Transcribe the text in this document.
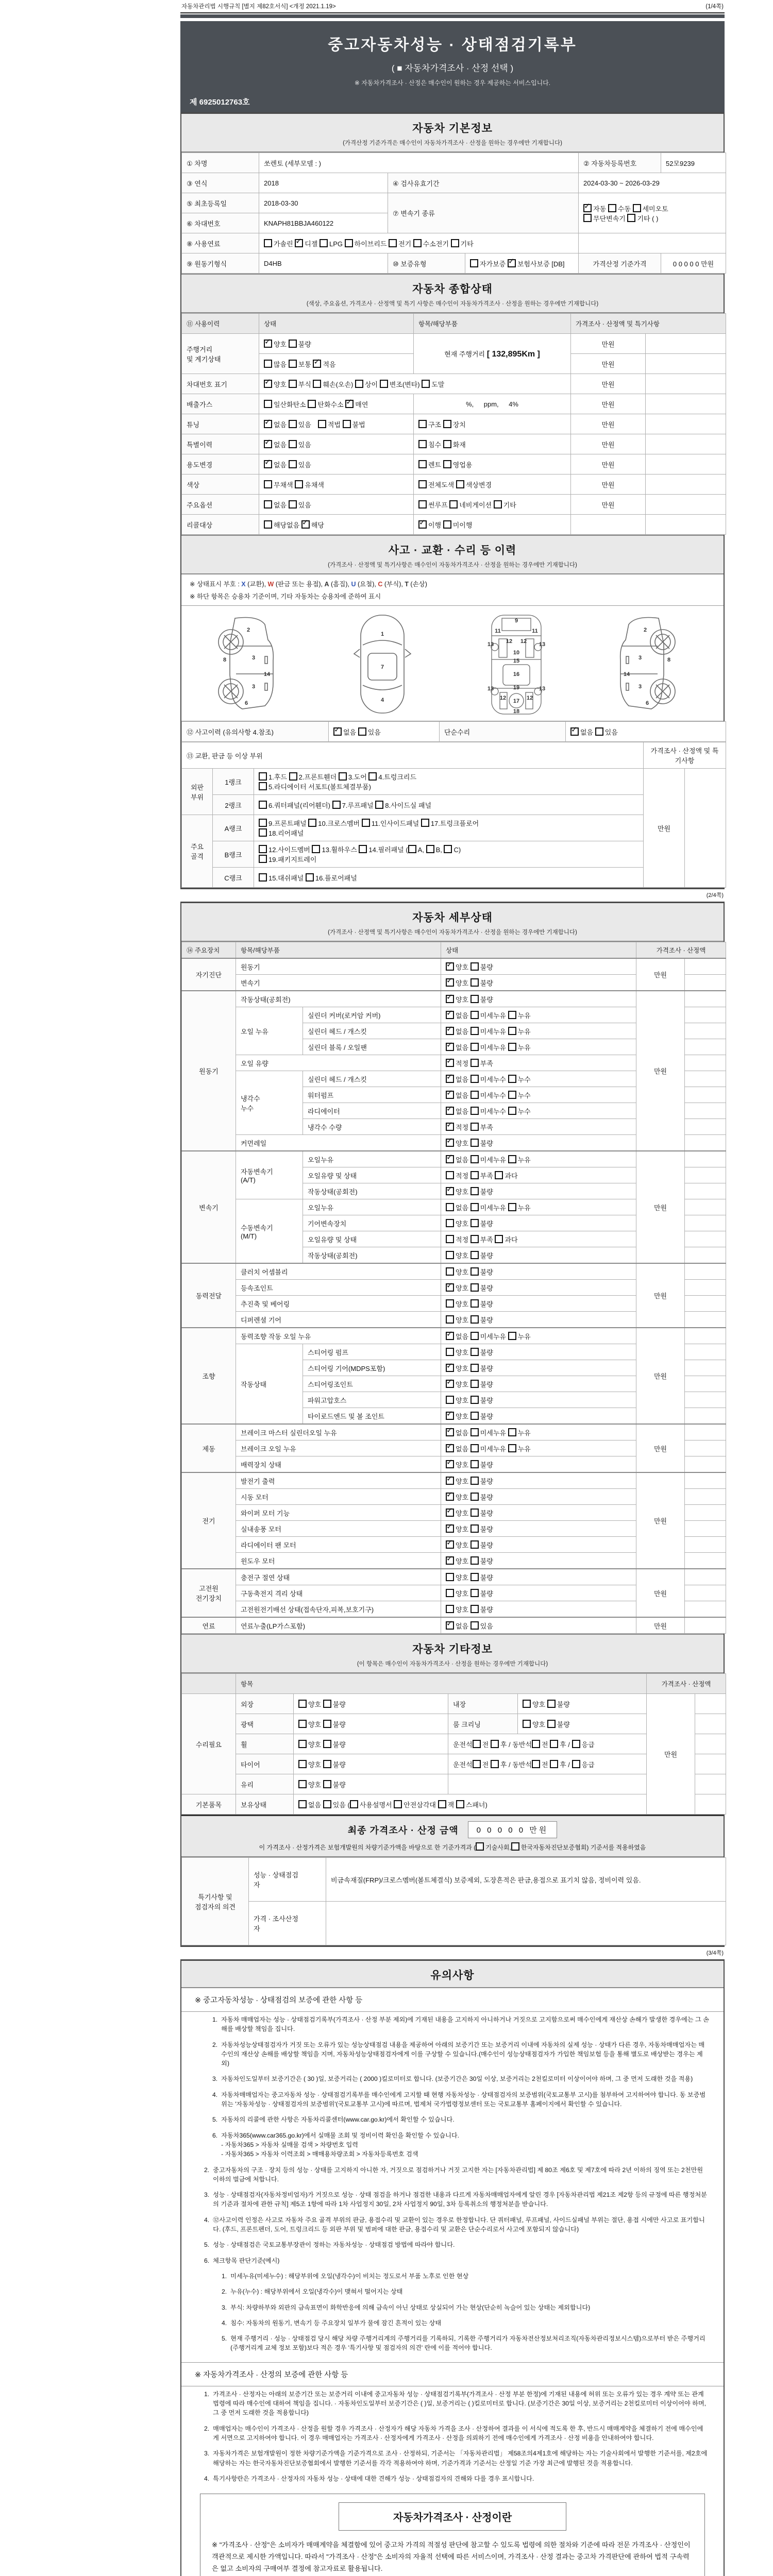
자동차관리법 시행규칙 [별지 제82호서식] <개정 2021.1.19>	(1/4쪽)
중고자동차성능 · 상태점검기록부
( ■ 자동차가격조사 · 산정 선택 )
※ 자동차가격조사 · 산정은 매수인이 원하는 경우 제공하는 서비스입니다.
제 6925012763호
자동차 기본정보
(가격산정 기준가격은 매수인이 자동차가격조사 · 산정을 원하는 경우에만 기재합니다)
① 차명	쏘렌토 (세부모델 : )			② 자동차등록번호	52모9239
③ 연식	2018	④ 검사유효기간		2024-03-30 ~ 2026-03-29	
⑤ 최초등록일	2018-03-30	⑦ 변속기 종류	✓자동 수동 세미오토
무단변속기 기타 ( )
⑥ 차대번호	KNAPH81BBJA460122				
⑧ 사용연료	가솔린 ✓디젤 LPG 하이브리드 전기 수소전기 기타	
⑨ 원동기형식	D4HB	⑩ 보증유형	자가보증 ✓보험사보증 [DB]	가격산정 기준가격	0 0 0 0 0 만원
자동차 종합상태
(색상, 주요옵션, 가격조사 · 산정액 및 특기 사항은 매수인이 자동차가격조사 · 산정을 원하는 경우에만 기재합니다)
⑪ 사용이력	상태	항목/해당부품	가격조사 · 산정액 및 특기사항	
주행거리
및 계기상태	✓양호 불량	현재 주행거리 [ 132,895Km ]	만원	
	많음 보통 ✓적음		만원	
차대번호 표기	✓양호 부식 훼손(오손) 상이 변조(변타) 도말		만원	
배출가스	일산화탄소 탄화수소 ✓매연	%,  ppm,  4%	만원	
튜닝	✓없음 있음  적법 불법	구조 장치	만원	
특별이력	✓없음 있음	침수 화재	만원	
용도변경	✓없음 있음	렌트 영업용	만원	
색상	무채색 유채색	전체도색 색상변경	만원	
주요옵션	없음 있음	썬루프 네비게이션 기타	만원	
리콜대상	해당없음 ✓해당	✓이행 미이행		
사고 · 교환 · 수리 등 이력
(가격조사 · 산정액 및 특기사항은 매수인이 자동차가격조사 · 산정을 원하는 경우에만 기재합니다)
※ 상태표시 부호 : X (교환), W (판금 또는 용접), A (흠집), U (요철), C (부식), T (손상)
※ 하단 항목은 승용차 기준이며, 기타 자동차는 승용차에 준하여 표시
2
8	3
14
3
6
1
7
4
9
11	11
13	13
12 12
10
15
16
19
13	13
12	12
17
18
2
8
3
14
3
6
⑫ 사고이력 (유의사항 4.참조)	✓없음 있음	단순수리	✓없음 있음
⑬ 교환, 판금 등 이상 부위			가격조사 · 산정액 및 특기사항	
외판
부위	1랭크	1.후드 2.프론트휀더 3.도어 4.트렁크리드
5.라디에이터 서포트(볼트체결부품)	만원	
	2랭크	6.쿼터패널(리어휀더) 7.루프패널 8.사이드실 패널		
주요
골격	A랭크	9.프론트패널 10.크로스멤버 11.인사이드패널 17.트렁크플로어
18.리어패널		
	B랭크	12.사이드멤버 13.휠하우스 14.필러패널 ( A, B, C)
19.패키지트레이		
	C랭크	15.대쉬패널 16.플로어패널		
(2/4쪽)
자동차 세부상태
(가격조사 · 산정액 및 특기사항은 매수인이 자동차가격조사 · 산정을 원하는 경우에만 기재합니다)
⑭ 주요장치	항목/해당부품		상태	가격조사 · 산정액	
자기진단	원동기	✓양호 불량	만원	
	변속기	✓양호 불량	
원동기	작동상태(공회전)	✓양호 불량	만원	
	오일 누유	실린더 커버(로커암 커버)	✓없음 미세누유 누유	
		실린더 헤드 / 개스킷	✓없음 미세누유 누유	
		실린더 블록 / 오일팬	✓없음 미세누유 누유	
	오일 유량	✓적정 부족	
	냉각수
누수	실린더 헤드 / 개스킷	✓없음 미세누수 누수	
		워터펌프	✓없음 미세누수 누수	
		라디에이터	✓없음 미세누수 누수	
		냉각수 수량	✓적정 부족	
	커먼레일	✓양호 불량	
변속기	자동변속기
(A/T)	오일누유	✓없음 미세누유 누유	만원	
		오일유량 및 상태	적정 부족 과다		
		작동상태(공회전)	✓양호 불량	
	수동변속기
(M/T)	오일누유	없음 미세누유 누유		
		기어변속장치	양호 불량		
		오일유량 및 상태	적정 부족 과다		
		작동상태(공회전)	양호 불량		
동력전달	클러치 어셈블리		양호 불량	만원	
	등속조인트	✓양호 불량	
	추진축 및 베어링		양호 불량		
	디퍼렌셜 기어		양호 불량		
조향	동력조향 작동 오일 누유	✓없음 미세누유 누유	만원	
	작동상태	스티어링 펌프	양호 불량		
		스티어링 기어(MDPS포함)	✓양호 불량	
		스티어링조인트	✓양호 불량	
		파워고압호스	양호 불량		
		타이로드엔드 및 볼 조인트	✓양호 불량	
제동	브레이크 마스터 실린더오일 누유	✓없음 미세누유 누유	만원	
	브레이크 오일 누유	✓없음 미세누유 누유	
	배력장치 상태	✓양호 불량	
전기	발전기 출력	✓양호 불량	만원	
	시동 모터	✓양호 불량	
	와이퍼 모터 기능	✓양호 불량	
	실내송풍 모터	✓양호 불량	
	라디에이터 팬 모터	✓양호 불량	
	윈도우 모터	✓양호 불량	
고전원
전기장치	충전구 절연 상태		양호 불량	만원	
	구동축전지 격리 상태		양호 불량		
	고전원전기배선 상태(접속단자,피복,보호기구)		양호 불량		
연료	연료누출(LP가스포함)	✓없음 있음	만원	
자동차 기타정보
(이 항목은 매수인이 자동차가격조사 · 산정을 원하는 경우에만 기재합니다)
	항목				가격조사 · 산정액	
수리필요	외장	양호 불량	내장	양호 불량	만원	
	광택	양호 불량	룸 크리닝	양호 불량		
	휠	양호 불량	운전석 전 후 / 동반석 전 후 / 응급			
	타이어	양호 불량	운전석 전 후 / 동반석 전 후 / 응급			
	유리	양호 불량				
기본품목	보유상태	없음 있음 ( 사용설명서 안전삼각대 잭 스패너)				
최종 가격조사 · 산정 금액	0 0 0 0 0 만원
이 가격조사 · 산정가격은 보험개발원의 차량기준가액을 바탕으로 한 기준가격과 ( 기술사회, 한국자동차진단보증협회) 기준서를 적용하였음
특기사항 및
점검자의 의견	성능 · 상태점검
자	비금속재질(FRP)/크로스멤버(볼트체결식) 보증제외, 도장흔적은 판금,용접으로 표기치 않음, 정비이력 있음.
	가격 · 조사산정
자	
(3/4쪽)
유의사항
※ 중고자동차성능 · 상태점검의 보증에 관한 사항 등
1. 자동차 매매업자는 성능 · 상태점검기록부(가격조사 · 산정 부분 제외)에 기재된 내용을 고지하지 아니하거나 거짓으로 고지함으로써 매수인에게 재산상 손해가 발생한 경우에는 그 손해를 배상할 책임을 집니다.
2. 자동차성능상태점검자가 거짓 또는 오류가 있는 성능상태점검 내용을 제공하여 아래의 보증기간 또는 보증거리 이내에 자동차의 실제 성능 · 상태가 다른 경우, 자동차매매업자는 매수인의 재산상 손해를 배상할 책임을 지며, 자동차성능상태점검자에게 이를 구상할 수 있습니다.(매수인이 성능상태점검자가 가입한 책임보험 등을 통해 별도로 배상받는 경우는 제외)
3. 자동차인도일부터 보증기간은 ( 30 )일, 보증거리는 ( 2000 )킬로미터로 합니다. (보증기간은 30일 이상, 보증거리는 2천킬로미터 이상이어야 하며, 그 중 먼저 도래한 것을 적용)
4. 자동차매매업자는 중고자동차 성능 · 상태점검기록부를 매수인에게 고지할 때 현행 자동차성능 · 상태점검자의 보증범위(국토교통부 고시)를 첨부하여 고지하여야 합니다. 동 보증범위는 '자동차성능 · 상태점검자의 보증범위'(국토교통부 고시)에 따르며, 법제처 국가법령정보센터 또는 국토교통부 홈페이지에서 확인할 수 있습니다.
5. 자동차의 리콜에 관한 사항은 자동차리콜센터(www.car.go.kr)에서 확인할 수 있습니다.
6. 자동차365(www.car365.go.kr)에서 실매물 조회 및 정비이력 확인을 확인할 수 있습니다.
- 자동차365 > 자동차 실매물 검색 > 차량번호 입력
- 자동차365 > 자동차 이력조회 > 매매용차량조회 > 자동차등록번호 검색
2. 중고자동차의 구조 · 장치 등의 성능 · 상태를 고지하지 아니한 자, 거짓으로 점검하거나 거짓 고지한 자는 [자동차관리법] 제 80조 제6호 및 제7호에 따라 2년 이하의 징역 또는 2천만원 이하의 벌금에 처합니다.
3. 성능 · 상태점검자(자동차정비업자)가 거짓으로 성능 · 상태 점검을 하거나 점검한 내용과 다르게 자동차매매업자에게 알린 경우 [자동차관리법 제21조 제2항 등의 규정에 따른 행정처분의 기준과 절차에 관한 규칙] 제5조 1항에 따라 1차 사업정지 30일, 2차 사업정지 90일, 3차 등록취소의 행정처분을 받습니다.
4. ⑫사고이력 인정은 사고로 자동차 주요 골격 부위의 판금, 용접수리 및 교환이 있는 경우로 한정합니다. 단 쿼터패널, 루프패널, 사이드실패널 부위는 절단, 용접 시에만 사고로 표기합니다. (후드, 프론트펜더, 도어, 트렁크리드 등 외판 부위 및 범퍼에 대한 판금, 용접수리 및 교환은 단순수리로서 사고에 포함되지 않습니다)
5. 성능 · 상태점검은 국토교통부장관이 정하는 자동차성능 · 상태점검 방법에 따라야 합니다.
6. 체크항목 판단기준(예시)
1. 미세누유(미세누수) : 해당부위에 오일(냉각수)이 비치는 정도로서 부품 노후로 인한 현상
2. 누유(누수) : 해당부위에서 오일(냉각수)이 맺혀서 떨어지는 상태
3. 부식: 차량하부와 외판의 금속표면이 화학반응에 의해 금속이 아닌 상태로 상실되어 가는 현상(단순히 녹슬어 있는 상태는 제외합니다)
4. 침수: 자동차의 원동기, 변속기 등 주요장치 일부가 물에 잠긴 흔적이 있는 상태
5. 현재 주행거리 · 성능 · 상태점검 당시 해당 차량 주행거리계의 주행거리를 기록하되, 기록한 주행거리가 자동차전산정보처리조직(자동차관리정보시스템)으로부터 받은 주행거리(주행거리계 교체 정보 포함)보다 적은 경우 '특기사항 및 점검자의 의견' 란에 이를 적어야 합니다.
※ 자동차가격조사 · 산정의 보증에 관한 사항 등
1. 가격조사 · 산정자는 아래의 보증기간 또는 보증거리 이내에 중고자동차 성능 · 상태점검기록부(가격조사 · 산정 부분 한정)에 기재된 내용에 허위 또는 오류가 있는 경우 계약 또는 관계법령에 따라 매수인에 대하여 책임을 집니다. · 자동차인도일부터 보증기간은 ( )일, 보증거리는 ( )킬로미터로 합니다. (보증기간은 30일 이상, 보증거리는 2천킬로미터 이상이어야 하며, 그 중 먼저 도래한 것을 적용합니다)
2. 매매업자는 매수인이 가격조사 · 산정을 원할 경우 가격조사 · 산정자가 해당 자동차 가격을 조사 · 산정하여 결과를 이 서식에 적도록 한 후, 반드시 매매계약을 체결하기 전에 매수인에게 서면으로 고지하여야 합니다. 이 경우 매매업자는 가격조사 · 산정자에게 가격조사 · 산정을 의뢰하기 전에 매수인에게 가격조사 · 산정 비용을 안내하여야 합니다.
3. 자동차가격은 보험개발원이 정한 차량기준가액을 기준가격으로 조사 · 산정하되, 기준서는 「자동차관리법」 제58조의4제1호에 해당하는 자는 기술사회에서 발행한 기준서를, 제2호에 해당하는 자는 한국자동차진단보증협회에서 발행한 기준서를 각각 적용하여야 하며, 기준가격과 기준서는 산정일 기준 가장 최근에 발행된 것을 적용합니다.
4. 특기사항란은 가격조사 · 산정자의 자동차 성능 · 상태에 대한 견해가 성능 · 상태점검자의 견해와 다를 경우 표시합니다.
자동차가격조사 · 산정이란
※ "가격조사 · 산정"은 소비자가 매매계약을 체결함에 있어 중고차 가격의 적절성 판단에 참고할 수 있도록 법령에 의한 절차와 기준에 따라 전문 가격조사 · 산정인이 객관적으로 제시한 가액입니다. 따라서 "가격조사 · 산정"은 소비자의 자율적 선택에 따른 서비스이며, 가격조사 · 산정 결과는 중고차 가격판단에 관하여 법적 구속력은 없고 소비자의 구매여부 결정에 참고자료로 활용됩니다.
